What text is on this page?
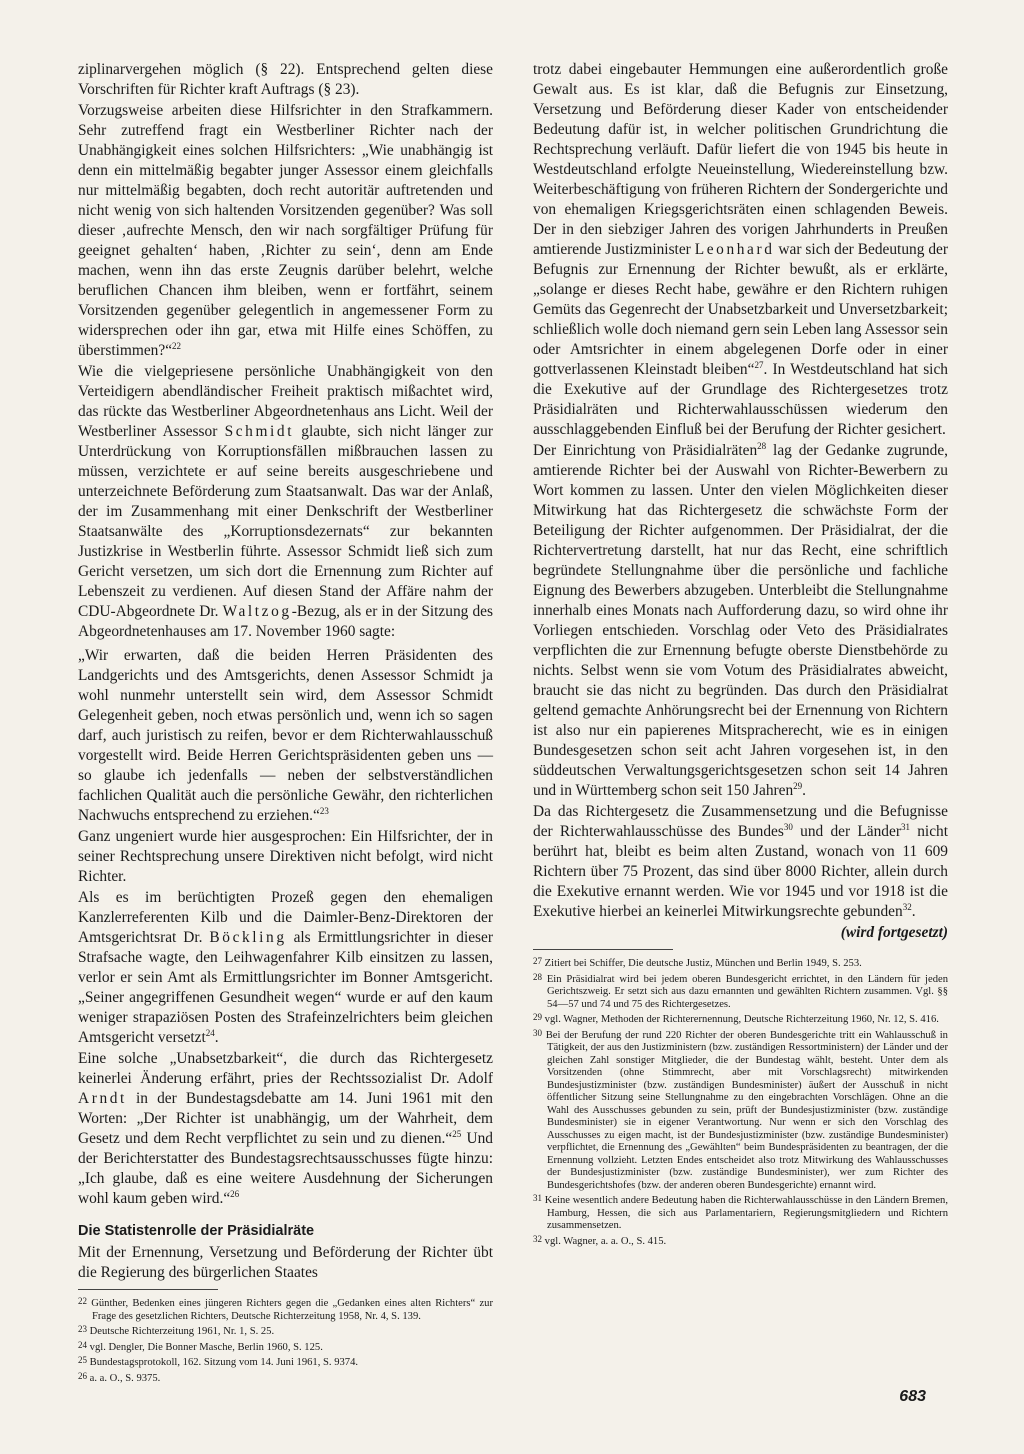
ziplinarvergehen möglich (§ 22). Entsprechend gelten diese Vorschriften für Richter kraft Auftrags (§ 23).

Vorzugsweise arbeiten diese Hilfsrichter in den Strafkammern. Sehr zutreffend fragt ein Westberliner Richter nach der Unabhängigkeit eines solchen Hilfsrichters: „Wie unabhängig ist denn ein mittelmäßig begabter junger Assessor einem gleichfalls nur mittelmäßig begabten, doch recht autoritär auftretenden und nicht wenig von sich haltenden Vorsitzenden gegenüber? Was soll dieser ‚aufrechte Mensch, den wir nach sorgfältiger Prüfung für geeignet gehalten‘ haben, ‚Richter zu sein‘, denn am Ende machen, wenn ihn das erste Zeugnis darüber belehrt, welche beruflichen Chancen ihm bleiben, wenn er fortfährt, seinem Vorsitzenden gegenüber gelegentlich in angemessener Form zu widersprechen oder ihn gar, etwa mit Hilfe eines Schöffen, zu überstimmen?“$^{22}$

Wie die vielgepriesene persönliche Unabhängigkeit von den Verteidigern abendländischer Freiheit praktisch mißachtet wird, das rückte das Westberliner Abgeordnetenhaus ans Licht. Weil der Westberliner Assessor Schmidt glaubte, sich nicht länger zur Unterdrückung von Korruptionsfällen mißbrauchen lassen zu müssen, verzichtete er auf seine bereits ausgeschriebene und unterzeichnete Beförderung zum Staatsanwalt. Das war der Anlaß, der im Zusammenhang mit einer Denkschrift der Westberliner Staatsanwälte des „Korruptionsdezernats“ zur bekannten Justizkrise in Westberlin führte. Assessor Schmidt ließ sich zum Gericht versetzen, um sich dort die Ernennung zum Richter auf Lebenszeit zu verdienen. Auf diesen Stand der Affäre nahm der CDU-Abgeordnete Dr. Waltzog-Bezug, als er in der Sitzung des Abgeordnetenhauses am 17. November 1960 sagte:

„Wir erwarten, daß die beiden Herren Präsidenten des Landgerichts und des Amtsgerichts, denen Assessor Schmidt ja wohl nunmehr unterstellt sein wird, dem Assessor Schmidt Gelegenheit geben, noch etwas persönlich und, wenn ich so sagen darf, auch juristisch zu reifen, bevor er dem Richterwahlausschuß vorgestellt wird. Beide Herren Gerichtspräsidenten geben uns — so glaube ich jedenfalls — neben der selbstverständlichen fachlichen Qualität auch die persönliche Gewähr, den richterlichen Nachwuchs entsprechend zu erziehen.“$^{23}$

Ganz ungeniert wurde hier ausgesprochen: Ein Hilfsrichter, der in seiner Rechtsprechung unsere Direktiven nicht befolgt, wird nicht Richter.

Als es im berüchtigten Prozeß gegen den ehemaligen Kanzlerreferenten Kilb und die Daimler-Benz-Direktoren der Amtsgerichtsrat Dr. Böckling als Ermittlungsrichter in dieser Strafsache wagte, den Leihwagenfahrer Kilb einsitzen zu lassen, verlor er sein Amt als Ermittlungsrichter im Bonner Amtsgericht. „Seiner angegriffenen Gesundheit wegen“ wurde er auf den kaum weniger strapaziösen Posten des Strafeinzelrichters beim gleichen Amtsgericht versetzt$^{24}$.

Eine solche „Unabsetzbarkeit“, die durch das Richtergesetz keinerlei Änderung erfährt, pries der Rechtssozialist Dr. Adolf Arndt in der Bundestagsdebatte am 14. Juni 1961 mit den Worten: „Der Richter ist unabhängig, um der Wahrheit, dem Gesetz und dem Recht verpflichtet zu sein und zu dienen.“$^{25}$ Und der Berichterstatter des Bundestagsrechtsausschusses fügte hinzu: „Ich glaube, daß es eine weitere Ausdehnung der Sicherungen wohl kaum geben wird.“$^{26}$

Die Statistenrolle der Präsidialräte

Mit der Ernennung, Versetzung und Beförderung der Richter übt die Regierung des bürgerlichen Staates

22 Günther, Bedenken eines jüngeren Richters gegen die „Gedanken eines alten Richters“ zur Frage des gesetzlichen Richters, Deutsche Richterzeitung 1958, Nr. 4, S. 139.

23 Deutsche Richterzeitung 1961, Nr. 1, S. 25.

24 vgl. Dengler, Die Bonner Masche, Berlin 1960, S. 125.

25 Bundestagsprotokoll, 162. Sitzung vom 14. Juni 1961, S. 9374.

26 a. a. O., S. 9375.

trotz dabei eingebauter Hemmungen eine außerordentlich große Gewalt aus. Es ist klar, daß die Befugnis zur Einsetzung, Versetzung und Beförderung dieser Kader von entscheidender Bedeutung dafür ist, in welcher politischen Grundrichtung die Rechtsprechung verläuft. Dafür liefert die von 1945 bis heute in Westdeutschland erfolgte Neueinstellung, Wiedereinstellung bzw. Weiterbeschäftigung von früheren Richtern der Sondergerichte und von ehemaligen Kriegsgerichtsräten einen schlagenden Beweis. Der in den siebziger Jahren des vorigen Jahrhunderts in Preußen amtierende Justizminister Leonhard war sich der Bedeutung der Befugnis zur Ernennung der Richter bewußt, als er erklärte, „solange er dieses Recht habe, gewähre er den Richtern ruhigen Gemüts das Gegenrecht der Unabsetzbarkeit und Unversetzbarkeit; schließlich wolle doch niemand gern sein Leben lang Assessor sein oder Amtsrichter in einem abgelegenen Dorfe oder in einer gottverlassenen Kleinstadt bleiben“$^{27}$. In Westdeutschland hat sich die Exekutive auf der Grundlage des Richtergesetzes trotz Präsidialräten und Richterwahlausschüssen wiederum den ausschlaggebenden Einfluß bei der Berufung der Richter gesichert.

Der Einrichtung von Präsidialräten$^{28}$ lag der Gedanke zugrunde, amtierende Richter bei der Auswahl von Richter-Bewerbern zu Wort kommen zu lassen. Unter den vielen Möglichkeiten dieser Mitwirkung hat das Richtergesetz die schwächste Form der Beteiligung der Richter aufgenommen. Der Präsidialrat, der die Richtervertretung darstellt, hat nur das Recht, eine schriftlich begründete Stellungnahme über die persönliche und fachliche Eignung des Bewerbers abzugeben. Unterbleibt die Stellungnahme innerhalb eines Monats nach Aufforderung dazu, so wird ohne ihr Vorliegen entschieden. Vorschlag oder Veto des Präsidialrates verpflichten die zur Ernennung befugte oberste Dienstbehörde zu nichts. Selbst wenn sie vom Votum des Präsidialrates abweicht, braucht sie das nicht zu begründen. Das durch den Präsidialrat geltend gemachte Anhörungsrecht bei der Ernennung von Richtern ist also nur ein papierenes Mitspracherecht, wie es in einigen Bundesgesetzen schon seit acht Jahren vorgesehen ist, in den süddeutschen Verwaltungsgerichtsgesetzen schon seit 14 Jahren und in Württemberg schon seit 150 Jahren$^{29}$.

Da das Richtergesetz die Zusammensetzung und die Befugnisse der Richterwahlausschüsse des Bundes$^{30}$ und der Länder$^{31}$ nicht berührt hat, bleibt es beim alten Zustand, wonach von 11 609 Richtern über 75 Prozent, das sind über 8000 Richter, allein durch die Exekutive ernannt werden. Wie vor 1945 und vor 1918 ist die Exekutive hierbei an keinerlei Mitwirkungsrechte gebunden$^{32}$.

(wird fortgesetzt)

27 Zitiert bei Schiffer, Die deutsche Justiz, München und Berlin 1949, S. 253.

28 Ein Präsidialrat wird bei jedem oberen Bundesgericht errichtet, in den Ländern für jeden Gerichtszweig. Er setzt sich aus dazu ernannten und gewählten Richtern zusammen. Vgl. §§ 54—57 und 74 und 75 des Richtergesetzes.

29 vgl. Wagner, Methoden der Richterernennung, Deutsche Richterzeitung 1960, Nr. 12, S. 416.

30 Bei der Berufung der rund 220 Richter der oberen Bundesgerichte tritt ein Wahlausschuß in Tätigkeit, der aus den Justizministern (bzw. zuständigen Ressortministern) der Länder und der gleichen Zahl sonstiger Mitglieder, die der Bundestag wählt, besteht. Unter dem als Vorsitzenden (ohne Stimmrecht, aber mit Vorschlagsrecht) mitwirkenden Bundesjustizminister (bzw. zuständigen Bundesminister) äußert der Ausschuß in nicht öffentlicher Sitzung seine Stellungnahme zu den eingebrachten Vorschlägen. Ohne an die Wahl des Ausschusses gebunden zu sein, prüft der Bundesjustizminister (bzw. zuständige Bundesminister) sie in eigener Verantwortung. Nur wenn er sich den Vorschlag des Ausschusses zu eigen macht, ist der Bundesjustizminister (bzw. zuständige Bundesminister) verpflichtet, die Ernennung des „Gewählten“ beim Bundespräsidenten zu beantragen, der die Ernennung vollzieht. Letzten Endes entscheidet also trotz Mitwirkung des Wahlausschusses der Bundesjustizminister (bzw. zuständige Bundesminister), wer zum Richter des Bundesgerichtshofes (bzw. der anderen oberen Bundesgerichte) ernannt wird.

31 Keine wesentlich andere Bedeutung haben die Richterwahlausschüsse in den Ländern Bremen, Hamburg, Hessen, die sich aus Parlamentariern, Regierungsmitgliedern und Richtern zusammensetzen.

32 vgl. Wagner, a. a. O., S. 415.

683
